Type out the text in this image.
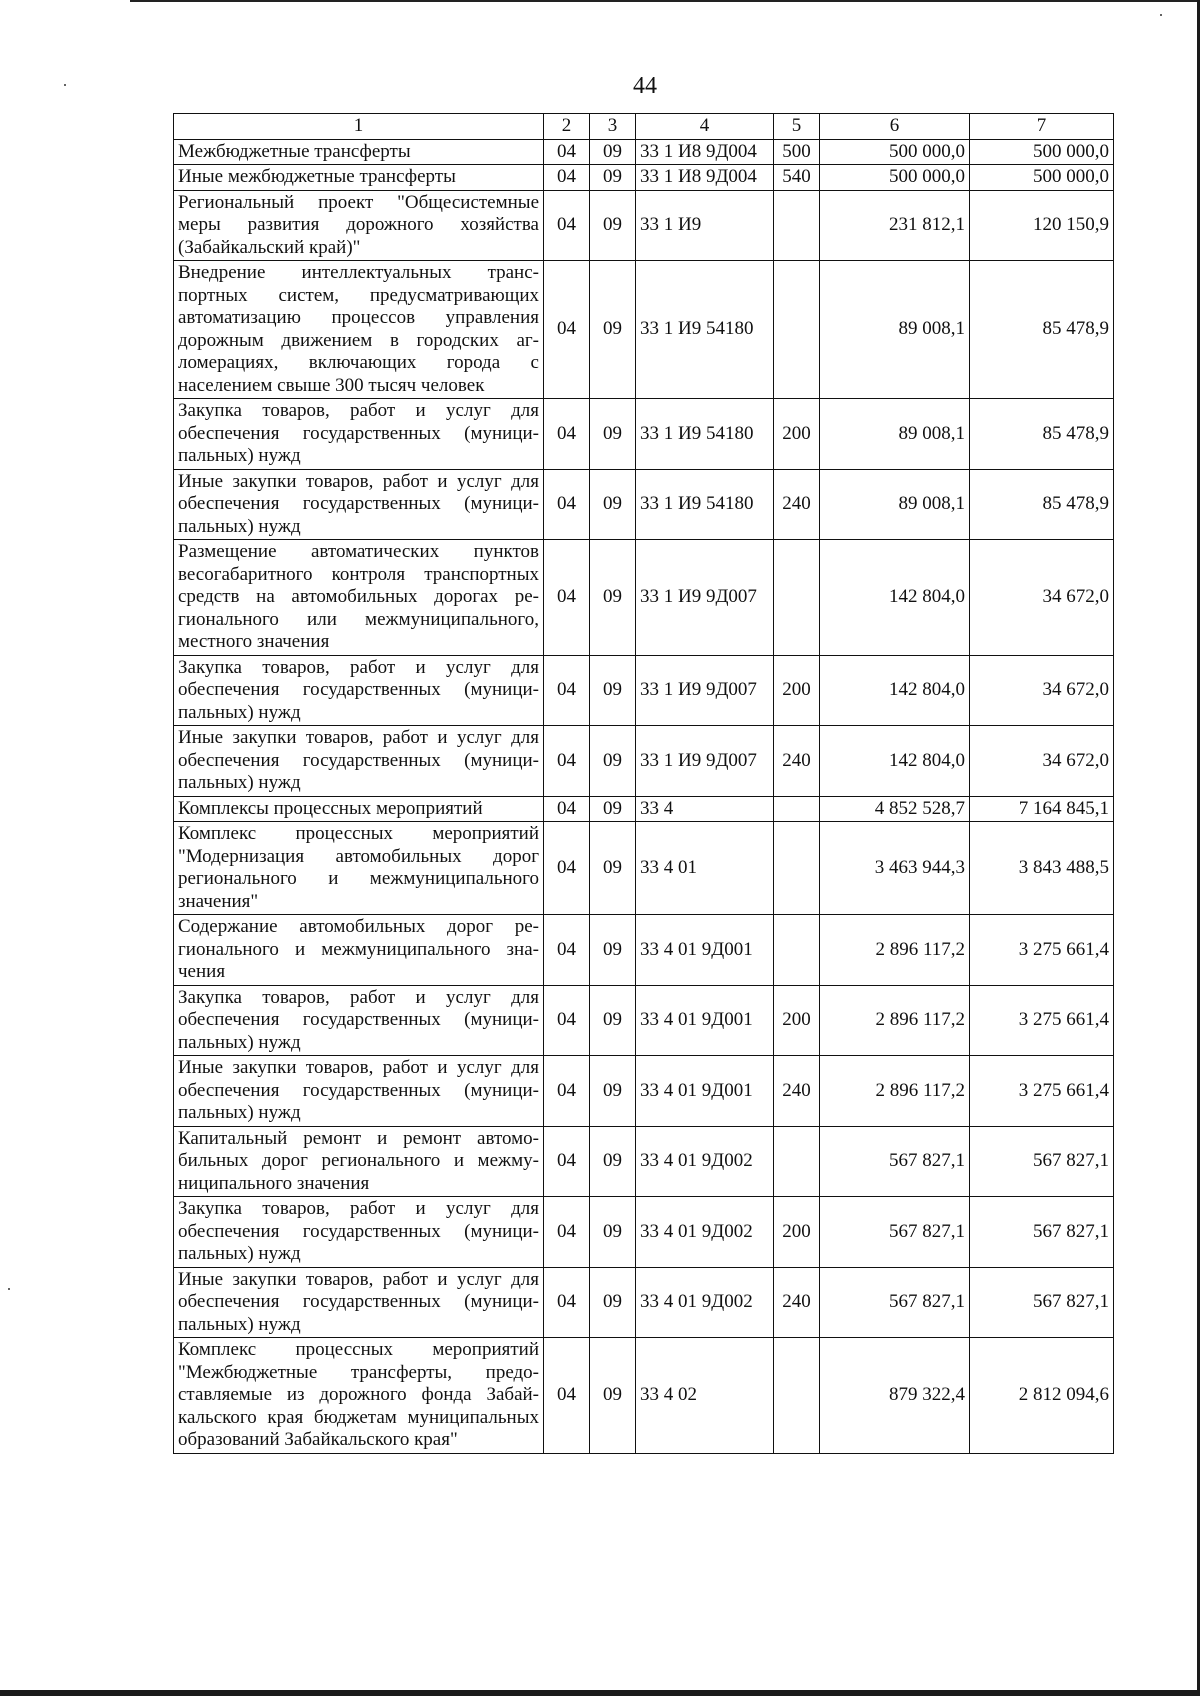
44
1	2	3	4	5	6	7
Межбюджетные трансферты	04	09	33 1 И8 9Д004	500	500 000,0	500 000,0
Иные межбюджетные трансферты	04	09	33 1 И8 9Д004	540	500 000,0	500 000,0
Региональный проект "Общесистемные меры развития дорожного хозяйства (Забайкальский край)"	04	09	33 1 И9		231 812,1	120 150,9
Внедрение интеллектуальных транспортных систем, предусматривающих автоматизацию процессов управления дорожным движением в городских агломерациях, включающих города с населением свыше 300 тысяч человек	04	09	33 1 И9 54180		89 008,1	85 478,9
Закупка товаров, работ и услуг для обеспечения государственных (муниципальных) нужд	04	09	33 1 И9 54180	200	89 008,1	85 478,9
Иные закупки товаров, работ и услуг для обеспечения государственных (муниципальных) нужд	04	09	33 1 И9 54180	240	89 008,1	85 478,9
Размещение автоматических пунктов весогабаритного контроля транспортных средств на автомобильных дорогах регионального или межмуниципального, местного значения	04	09	33 1 И9 9Д007		142 804,0	34 672,0
Закупка товаров, работ и услуг для обеспечения государственных (муниципальных) нужд	04	09	33 1 И9 9Д007	200	142 804,0	34 672,0
Иные закупки товаров, работ и услуг для обеспечения государственных (муниципальных) нужд	04	09	33 1 И9 9Д007	240	142 804,0	34 672,0
Комплексы процессных мероприятий	04	09	33 4		4 852 528,7	7 164 845,1
Комплекс процессных мероприятий "Модернизация автомобильных дорог регионального и межмуниципального значения"	04	09	33 4 01		3 463 944,3	3 843 488,5
Содержание автомобильных дорог регионального и межмуниципального значения	04	09	33 4 01 9Д001		2 896 117,2	3 275 661,4
Закупка товаров, работ и услуг для обеспечения государственных (муниципальных) нужд	04	09	33 4 01 9Д001	200	2 896 117,2	3 275 661,4
Иные закупки товаров, работ и услуг для обеспечения государственных (муниципальных) нужд	04	09	33 4 01 9Д001	240	2 896 117,2	3 275 661,4
Капитальный ремонт и ремонт автомобильных дорог регионального и межмуниципального значения	04	09	33 4 01 9Д002		567 827,1	567 827,1
Закупка товаров, работ и услуг для обеспечения государственных (муниципальных) нужд	04	09	33 4 01 9Д002	200	567 827,1	567 827,1
Иные закупки товаров, работ и услуг для обеспечения государственных (муниципальных) нужд	04	09	33 4 01 9Д002	240	567 827,1	567 827,1
Комплекс процессных мероприятий "Межбюджетные трансферты, предоставляемые из дорожного фонда Забайкальского края бюджетам муниципальных образований Забайкальского края"	04	09	33 4 02		879 322,4	2 812 094,6
